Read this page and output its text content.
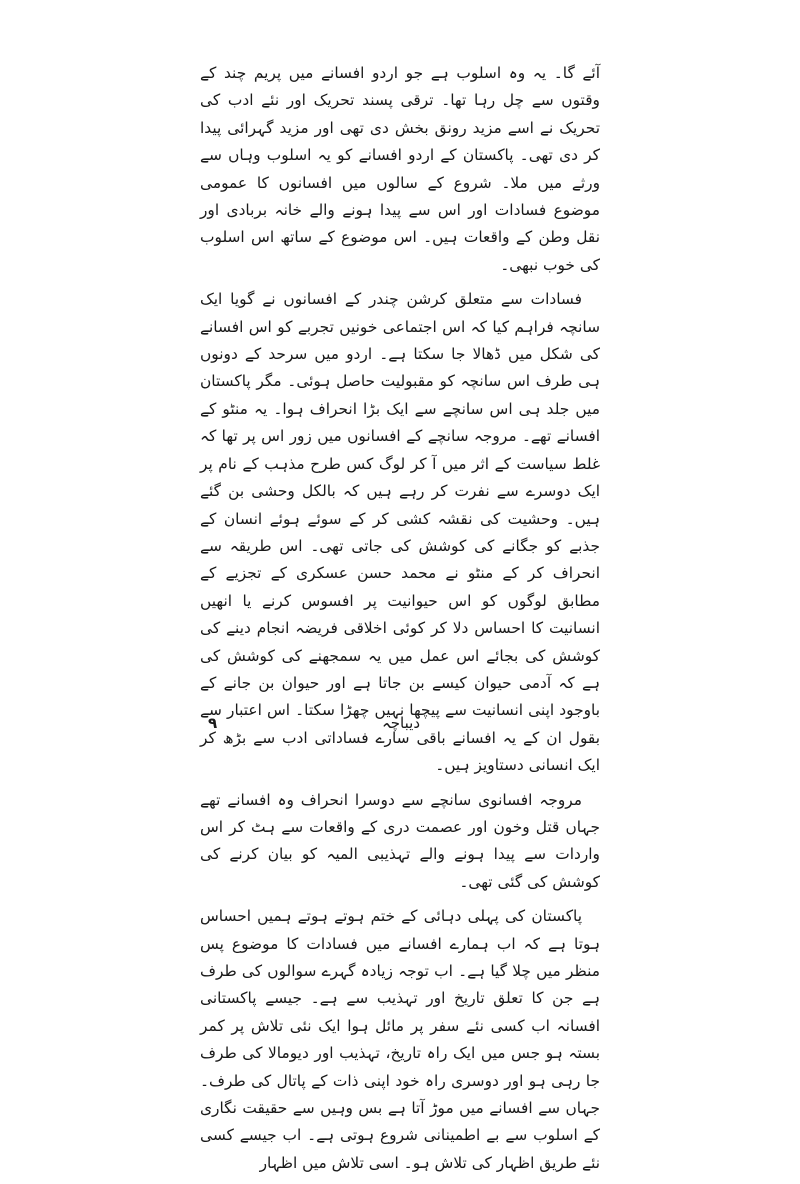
آئے گا۔ یہ وہ اسلوب ہے جو اردو افسانے میں پریم چند کے وقتوں سے چل رہا تھا۔ ترقی پسند تحریک اور نئے ادب کی تحریک نے اسے مزید رونق بخش دی تھی اور مزید گہرائی پیدا کر دی تھی۔ پاکستان کے اردو افسانے کو یہ اسلوب وہاں سے ورثے میں ملا۔ شروع کے سالوں میں افسانوں کا عمومی موضوع فسادات اور اس سے پیدا ہونے والے خانہ بربادی اور نقل وطن کے واقعات ہیں۔ اس موضوع کے ساتھ اس اسلوب کی خوب نبھی۔

فسادات سے متعلق کرشن چندر کے افسانوں نے گویا ایک سانچہ فراہم کیا کہ اس اجتماعی خونیں تجربے کو اس افسانے کی شکل میں ڈھالا جا سکتا ہے۔ اردو میں سرحد کے دونوں ہی طرف اس سانچہ کو مقبولیت حاصل ہوئی۔ مگر پاکستان میں جلد ہی اس سانچے سے ایک بڑا انحراف ہوا۔ یہ منٹو کے افسانے تھے۔ مروجہ سانچے کے افسانوں میں زور اس پر تھا کہ غلط سیاست کے اثر میں آ کر لوگ کس طرح مذہب کے نام پر ایک دوسرے سے نفرت کر رہے ہیں کہ بالکل وحشی بن گئے ہیں۔ وحشیت کی نقشہ کشی کر کے سوئے ہوئے انسان کے جذبے کو جگانے کی کوشش کی جاتی تھی۔ اس طریقہ سے انحراف کر کے منٹو نے محمد حسن عسکری کے تجزیے کے مطابق لوگوں کو اس حیوانیت پر افسوس کرنے یا انھیں انسانیت کا احساس دلا کر کوئی اخلاقی فریضہ انجام دینے کی کوشش کی بجائے اس عمل میں یہ سمجھنے کی کوشش کی ہے کہ آدمی حیوان کیسے بن جاتا ہے اور حیوان بن جانے کے باوجود اپنی انسانیت سے پیچھا نہیں چھڑا سکتا۔ اس اعتبار سے بقول ان کے یہ افسانے باقی سارے فساداتی ادب سے بڑھ کر ایک انسانی دستاویز ہیں۔

مروجہ افسانوی سانچے سے دوسرا انحراف وہ افسانے تھے جہاں قتل وخون اور عصمت دری کے واقعات سے ہٹ کر اس واردات سے پیدا ہونے والے تہذیبی المیہ کو بیان کرنے کی کوشش کی گئی تھی۔

پاکستان کی پہلی دہائی کے ختم ہوتے ہوتے ہمیں احساس ہوتا ہے کہ اب ہمارے افسانے میں فسادات کا موضوع پس منظر میں چلا گیا ہے۔ اب توجہ زیادہ گہرے سوالوں کی طرف ہے جن کا تعلق تاریخ اور تہذیب سے ہے۔ جیسے پاکستانی افسانہ اب کسی نئے سفر پر مائل ہوا ایک نئی تلاش پر کمر بستہ ہو جس میں ایک راہ تاریخ، تہذیب اور دیومالا کی طرف جا رہی ہو اور دوسری راہ خود اپنی ذات کے پاتال کی طرف۔ جہاں سے افسانے میں موڑ آتا ہے بس وہیں سے حقیقت نگاری کے اسلوب سے بے اطمینانی شروع ہوتی ہے۔ اب جیسے کسی نئے طریق اظہار کی تلاش ہو۔ اسی تلاش میں اظہار

دیباچہ
۹
